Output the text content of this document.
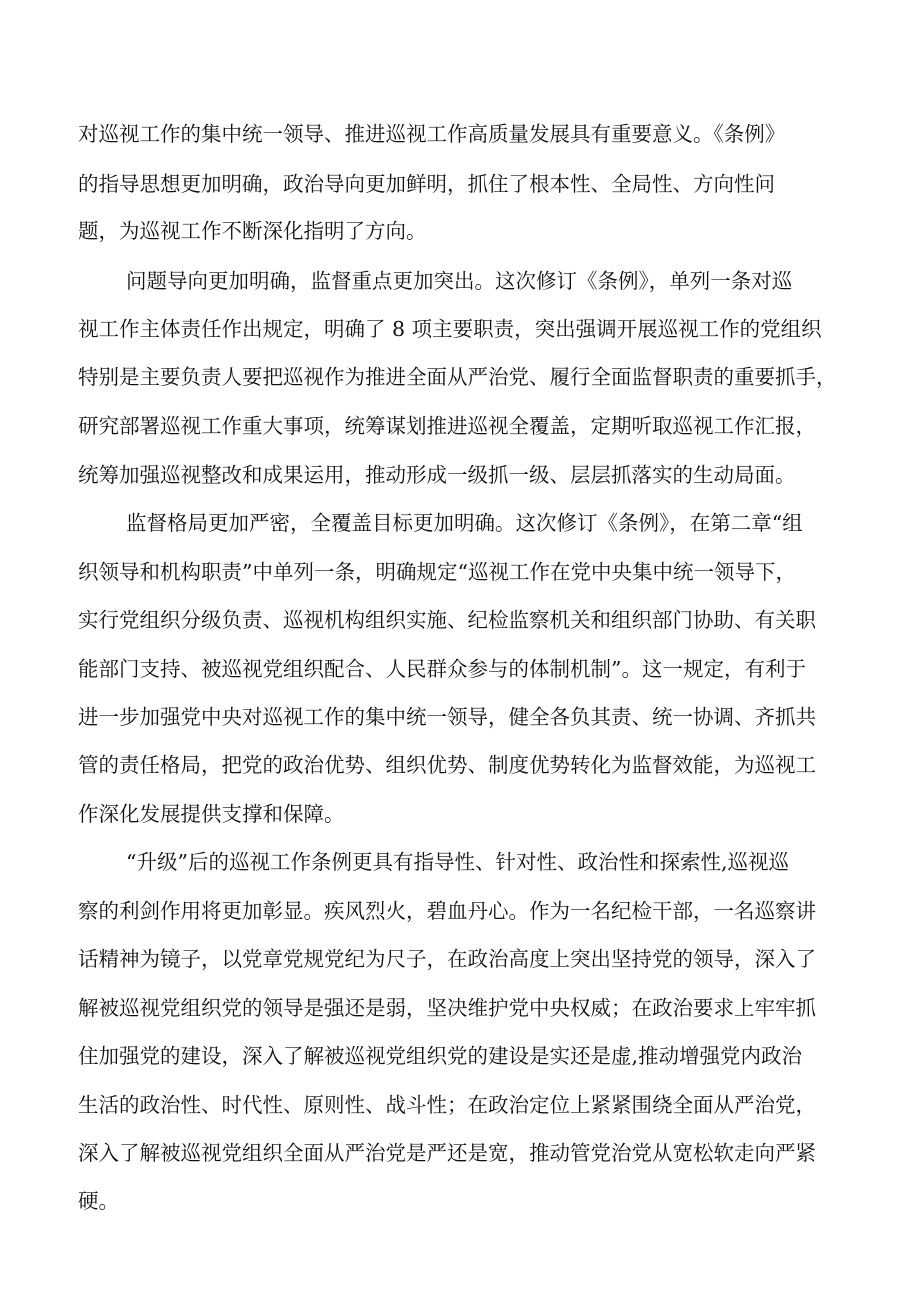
对巡视工作的集中统一领导、推进巡视工作高质量发展具有重要意义。《条例》
的指导思想更加明确，政治导向更加鲜明，抓住了根本性、全局性、方向性问
题，为巡视工作不断深化指明了方向。
问题导向更加明确，监督重点更加突出。这次修订《条例》，单列一条对巡
视工作主体责任作出规定，明确了 8 项主要职责，突出强调开展巡视工作的党组织
特别是主要负责人要把巡视作为推进全面从严治党、履行全面监督职责的重要抓手，
研究部署巡视工作重大事项，统筹谋划推进巡视全覆盖，定期听取巡视工作汇报，
统筹加强巡视整改和成果运用，推动形成一级抓一级、层层抓落实的生动局面。
监督格局更加严密，全覆盖目标更加明确。这次修订《条例》，在第二章“组
织领导和机构职责”中单列一条，明确规定“巡视工作在党中央集中统一领导下，
实行党组织分级负责、巡视机构组织实施、纪检监察机关和组织部门协助、有关职
能部门支持、被巡视党组织配合、人民群众参与的体制机制”。这一规定，有利于
进一步加强党中央对巡视工作的集中统一领导，健全各负其责、统一协调、齐抓共
管的责任格局，把党的政治优势、组织优势、制度优势转化为监督效能，为巡视工
作深化发展提供支撑和保障。
“升级”后的巡视工作条例更具有指导性、针对性、政治性和探索性,巡视巡
察的利剑作用将更加彰显。疾风烈火，碧血丹心。作为一名纪检干部，一名巡察讲
话精神为镜子，以党章党规党纪为尺子，在政治高度上突出坚持党的领导，深入了
解被巡视党组织党的领导是强还是弱，坚决维护党中央权威；在政治要求上牢牢抓
住加强党的建设，深入了解被巡视党组织党的建设是实还是虚,推动增强党内政治
生活的政治性、时代性、原则性、战斗性；在政治定位上紧紧围绕全面从严治党，
深入了解被巡视党组织全面从严治党是严还是宽，推动管党治党从宽松软走向严紧
硬。
